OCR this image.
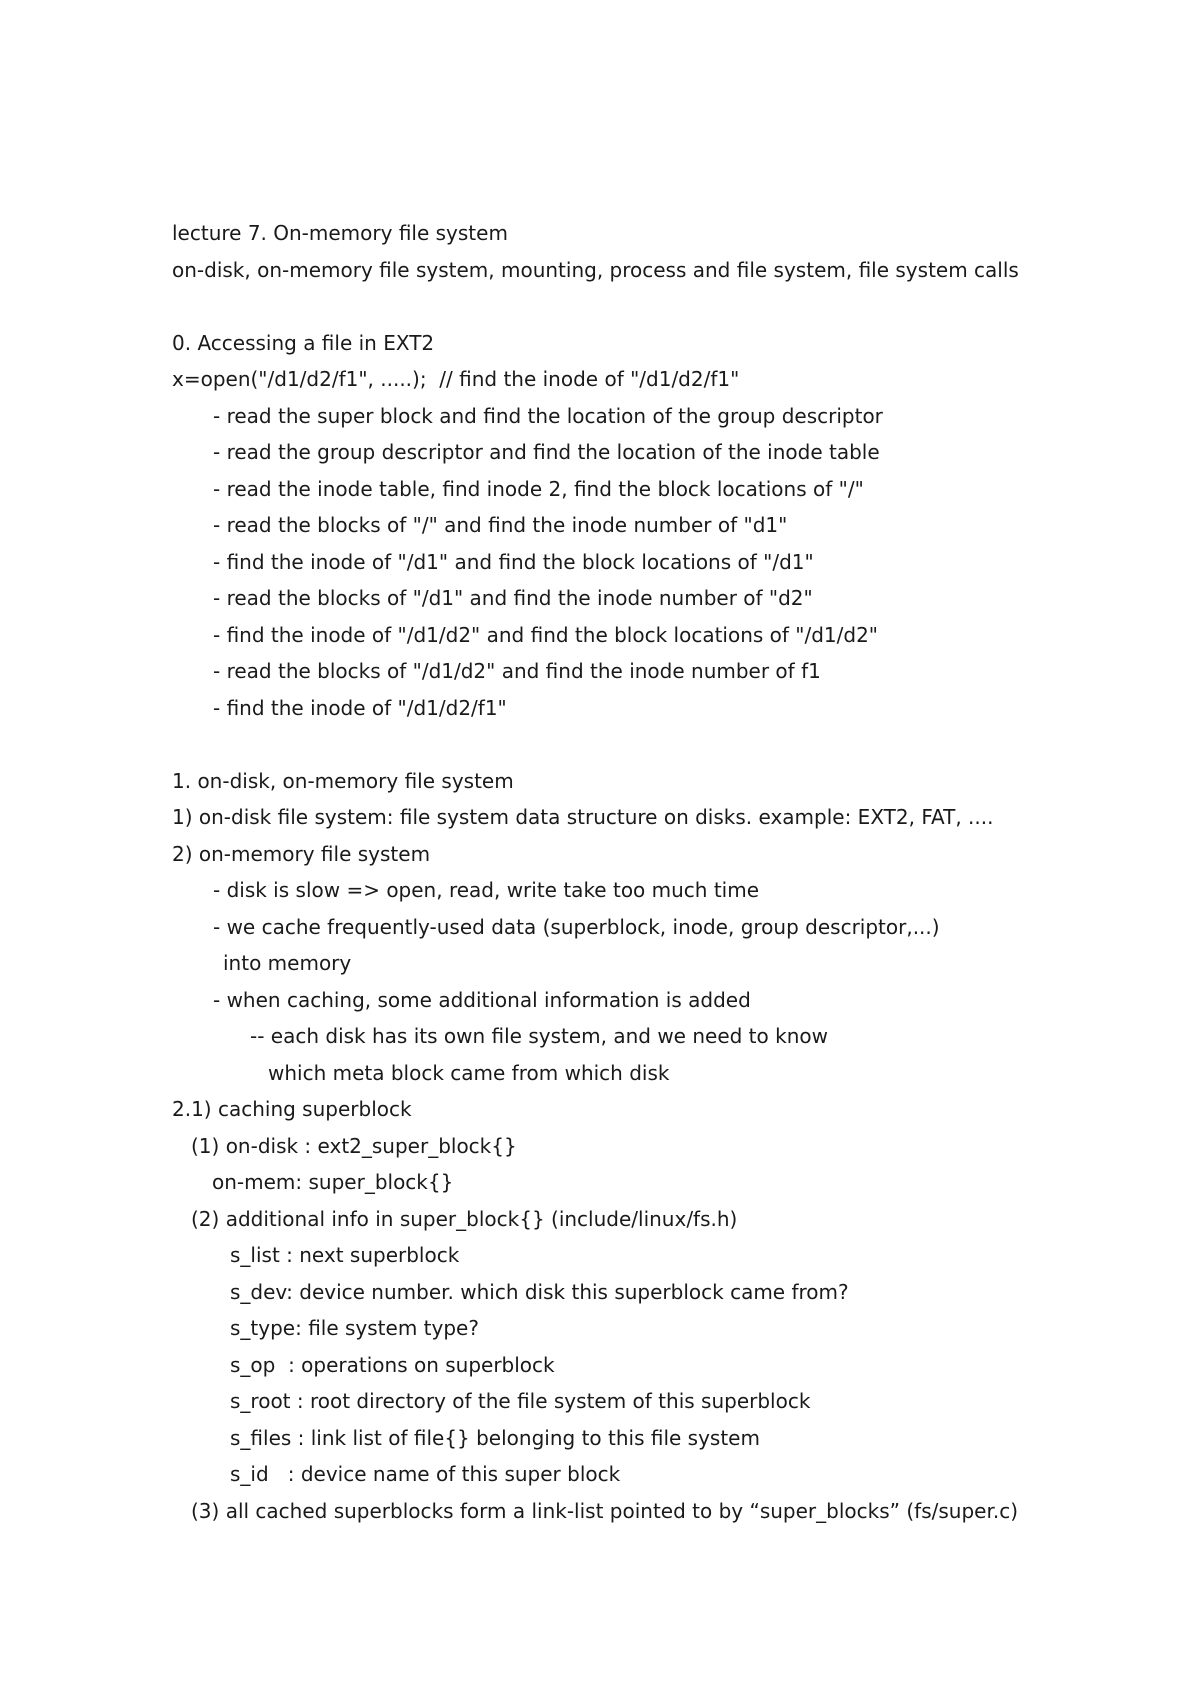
lecture 7. On-memory file system
on-disk, on-memory file system, mounting, process and file system, file system calls
0. Accessing a file in EXT2
x=open("/d1/d2/f1", .....);  // find the inode of "/d1/d2/f1"
- read the super block and find the location of the group descriptor
- read the group descriptor and find the location of the inode table
- read the inode table, find inode 2, find the block locations of "/"
- read the blocks of "/" and find the inode number of "d1"
- find the inode of "/d1" and find the block locations of "/d1"
- read the blocks of "/d1" and find the inode number of "d2"
- find the inode of "/d1/d2" and find the block locations of "/d1/d2"
- read the blocks of "/d1/d2" and find the inode number of f1
- find the inode of "/d1/d2/f1"
1. on-disk, on-memory file system
1) on-disk file system: file system data structure on disks. example: EXT2, FAT, ....
2) on-memory file system
- disk is slow => open, read, write take too much time
- we cache frequently-used data (superblock, inode, group descriptor,...)
into memory
- when caching, some additional information is added
-- each disk has its own file system, and we need to know
which meta block came from which disk
2.1) caching superblock
(1) on-disk : ext2_super_block{}
on-mem: super_block{}
(2) additional info in super_block{} (include/linux/fs.h)
s_list : next superblock
s_dev: device number. which disk this superblock came from?
s_type: file system type?
s_op  : operations on superblock
s_root : root directory of the file system of this superblock
s_files : link list of file{} belonging to this file system
s_id   : device name of this super block
(3) all cached superblocks form a link-list pointed to by “super_blocks” (fs/super.c)
